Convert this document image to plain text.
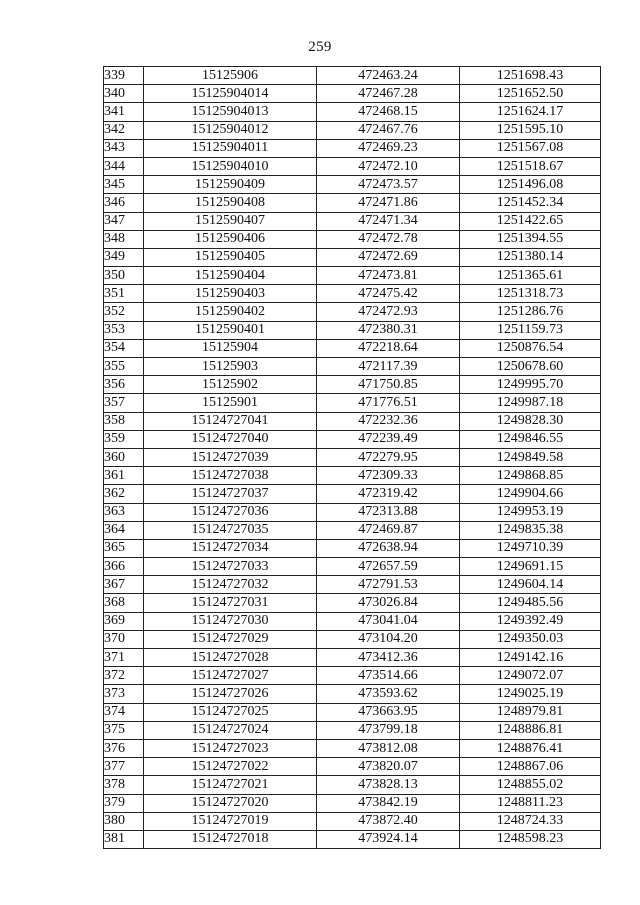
259
339	15125906	472463.24	1251698.43
340	15125904014	472467.28	1251652.50
341	15125904013	472468.15	1251624.17
342	15125904012	472467.76	1251595.10
343	15125904011	472469.23	1251567.08
344	15125904010	472472.10	1251518.67
345	1512590409	472473.57	1251496.08
346	1512590408	472471.86	1251452.34
347	1512590407	472471.34	1251422.65
348	1512590406	472472.78	1251394.55
349	1512590405	472472.69	1251380.14
350	1512590404	472473.81	1251365.61
351	1512590403	472475.42	1251318.73
352	1512590402	472472.93	1251286.76
353	1512590401	472380.31	1251159.73
354	15125904	472218.64	1250876.54
355	15125903	472117.39	1250678.60
356	15125902	471750.85	1249995.70
357	15125901	471776.51	1249987.18
358	15124727041	472232.36	1249828.30
359	15124727040	472239.49	1249846.55
360	15124727039	472279.95	1249849.58
361	15124727038	472309.33	1249868.85
362	15124727037	472319.42	1249904.66
363	15124727036	472313.88	1249953.19
364	15124727035	472469.87	1249835.38
365	15124727034	472638.94	1249710.39
366	15124727033	472657.59	1249691.15
367	15124727032	472791.53	1249604.14
368	15124727031	473026.84	1249485.56
369	15124727030	473041.04	1249392.49
370	15124727029	473104.20	1249350.03
371	15124727028	473412.36	1249142.16
372	15124727027	473514.66	1249072.07
373	15124727026	473593.62	1249025.19
374	15124727025	473663.95	1248979.81
375	15124727024	473799.18	1248886.81
376	15124727023	473812.08	1248876.41
377	15124727022	473820.07	1248867.06
378	15124727021	473828.13	1248855.02
379	15124727020	473842.19	1248811.23
380	15124727019	473872.40	1248724.33
381	15124727018	473924.14	1248598.23
